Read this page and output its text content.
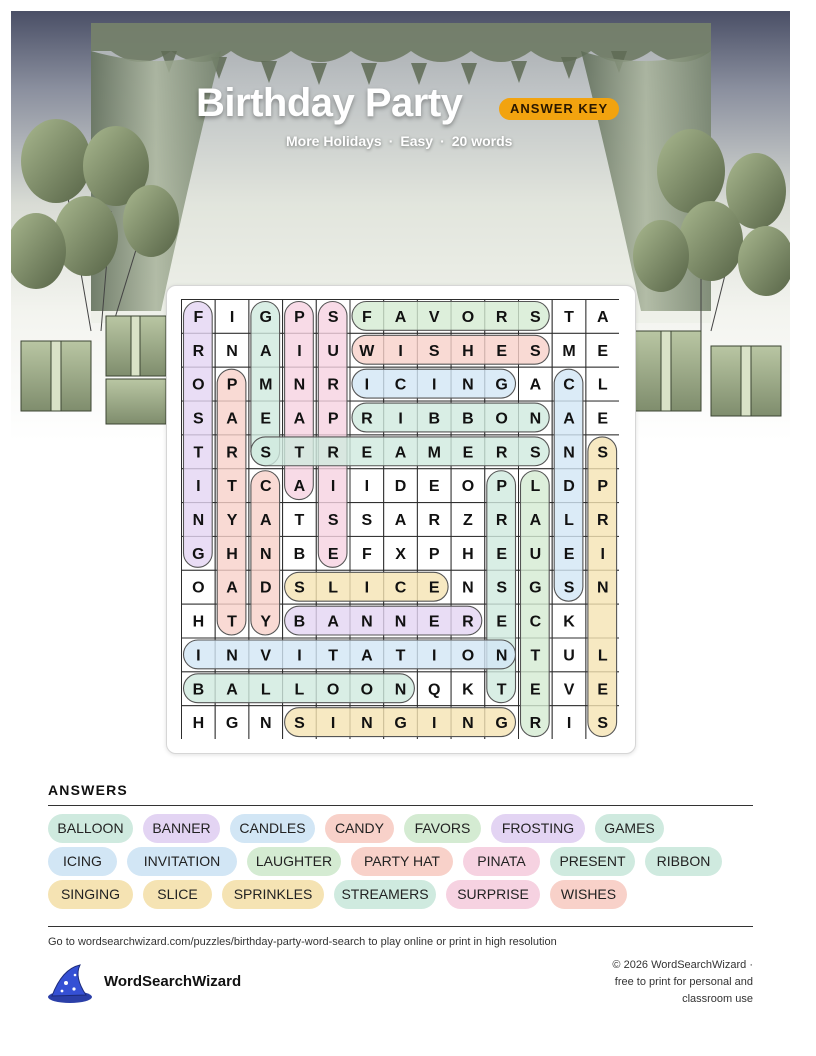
Birthday Party	ANSWER KEY
More Holidays · Easy · 20 words
F I G P S F A V O R S T A
R N A I U W I S H E S M E
O P M N R I C I N G A C L
S A E A P R I B B O N A E
T R S T R E A M E R S N S
I T C A I I D E O P L D P
N Y A T S S A R Z R A L R
G H N B E F X P H E U E I
O A D S L I C E N S G S N
H T Y B A N N E R E C K
I N V I T A T I O N T U L
B A L L O O N Q K T E V E
H G N S I N G I N G R I S
ANSWERS
BALLOON	BANNER	CANDLES	CANDY	FAVORS	FROSTING	GAMES
ICING	INVITATION	LAUGHTER	PARTY HAT	PINATA	PRESENT	RIBBON
SINGING	SLICE	SPRINKLES	STREAMERS	SURPRISE	WISHES
Go to wordsearchwizard.com/puzzles/birthday-party-word-search to play online or print in high resolution
WordSearchWizard
© 2026 WordSearchWizard ·
free to print for personal and
classroom use
